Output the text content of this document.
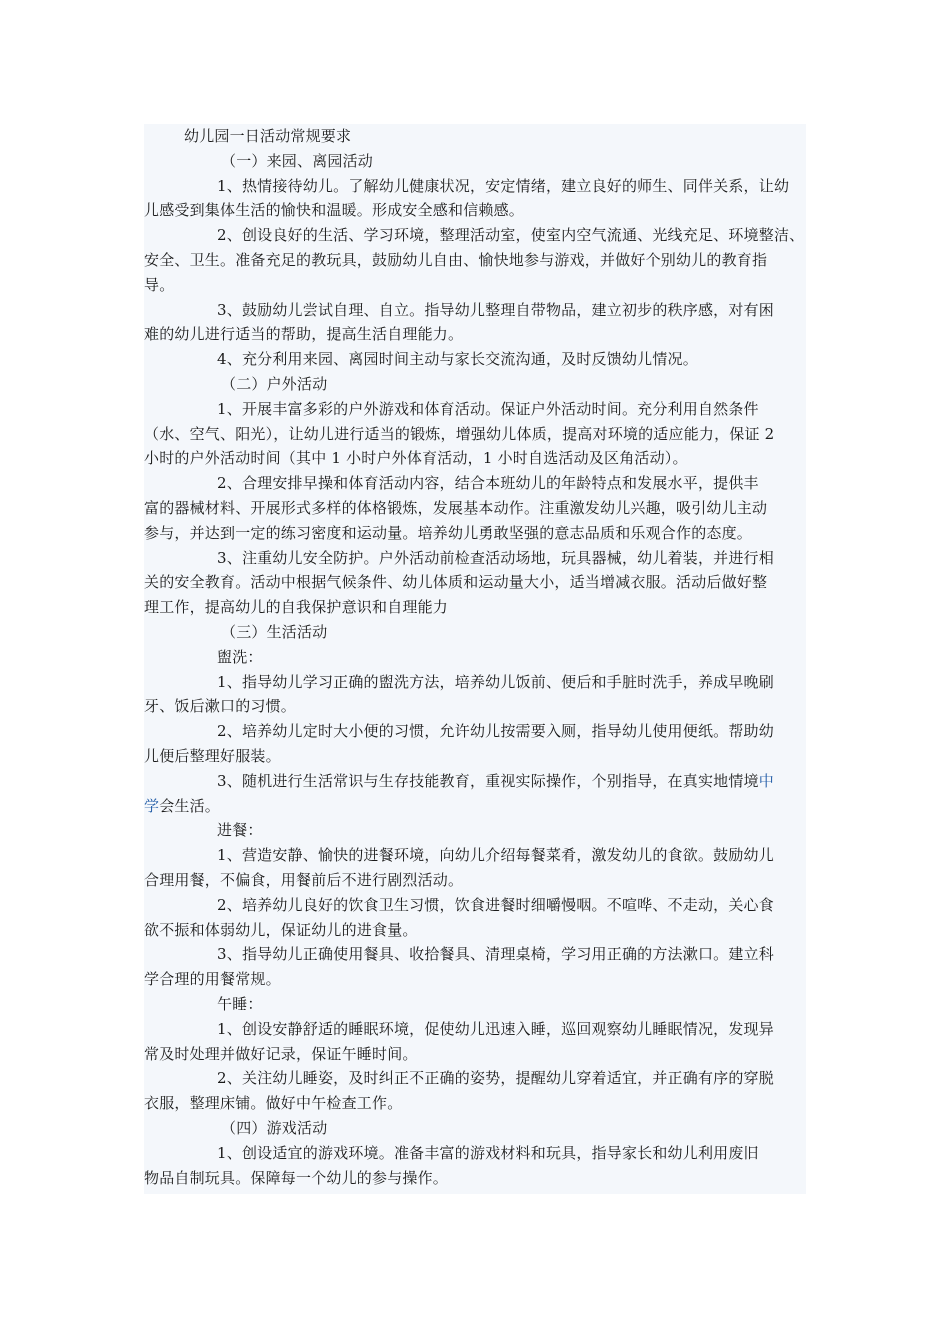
幼儿园一日活动常规要求
（一）来园、离园活动
1、热情接待幼儿。了解幼儿健康状况，安定情绪，建立良好的师生、同伴关系，让幼
儿感受到集体生活的愉快和温暖。形成安全感和信赖感。
2、创设良好的生活、学习环境，整理活动室，使室内空气流通、光线充足、环境整洁、
安全、卫生。准备充足的教玩具，鼓励幼儿自由、愉快地参与游戏，并做好个别幼儿的教育指
导。
3、鼓励幼儿尝试自理、自立。指导幼儿整理自带物品，建立初步的秩序感，对有困
难的幼儿进行适当的帮助，提高生活自理能力。
4、充分利用来园、离园时间主动与家长交流沟通，及时反馈幼儿情况。
（二）户外活动
1、开展丰富多彩的户外游戏和体育活动。保证户外活动时间。充分利用自然条件
（水、空气、阳光），让幼儿进行适当的锻炼，增强幼儿体质，提高对环境的适应能力，保证 2
小时的户外活动时间（其中 1 小时户外体育活动，1 小时自选活动及区角活动）。
2、合理安排早操和体育活动内容，结合本班幼儿的年龄特点和发展水平，提供丰
富的器械材料、开展形式多样的体格锻炼，发展基本动作。注重激发幼儿兴趣，吸引幼儿主动
参与，并达到一定的练习密度和运动量。培养幼儿勇敢坚强的意志品质和乐观合作的态度。
3、注重幼儿安全防护。户外活动前检查活动场地，玩具器械，幼儿着装，并进行相
关的安全教育。活动中根据气候条件、幼儿体质和运动量大小，适当增减衣服。活动后做好整
理工作，提高幼儿的自我保护意识和自理能力
（三）生活活动
盥洗：
1、指导幼儿学习正确的盥洗方法，培养幼儿饭前、便后和手脏时洗手，养成早晚刷
牙、饭后漱口的习惯。
2、培养幼儿定时大小便的习惯，允许幼儿按需要入厕，指导幼儿使用便纸。帮助幼
儿便后整理好服装。
3、随机进行生活常识与生存技能教育，重视实际操作，个别指导，在真实地情境中
学会生活。
进餐：
1、营造安静、愉快的进餐环境，向幼儿介绍每餐菜肴，激发幼儿的食欲。鼓励幼儿
合理用餐，不偏食，用餐前后不进行剧烈活动。
2、培养幼儿良好的饮食卫生习惯，饮食进餐时细嚼慢咽。不喧哗、不走动，关心食
欲不振和体弱幼儿，保证幼儿的进食量。
3、指导幼儿正确使用餐具、收拾餐具、清理桌椅，学习用正确的方法漱口。建立科
学合理的用餐常规。
午睡：
1、创设安静舒适的睡眠环境，促使幼儿迅速入睡，巡回观察幼儿睡眠情况，发现异
常及时处理并做好记录，保证午睡时间。
2、关注幼儿睡姿，及时纠正不正确的姿势，提醒幼儿穿着适宜，并正确有序的穿脱
衣服，整理床铺。做好中午检查工作。
（四）游戏活动
1、创设适宜的游戏环境。准备丰富的游戏材料和玩具，指导家长和幼儿利用废旧
物品自制玩具。保障每一个幼儿的参与操作。
